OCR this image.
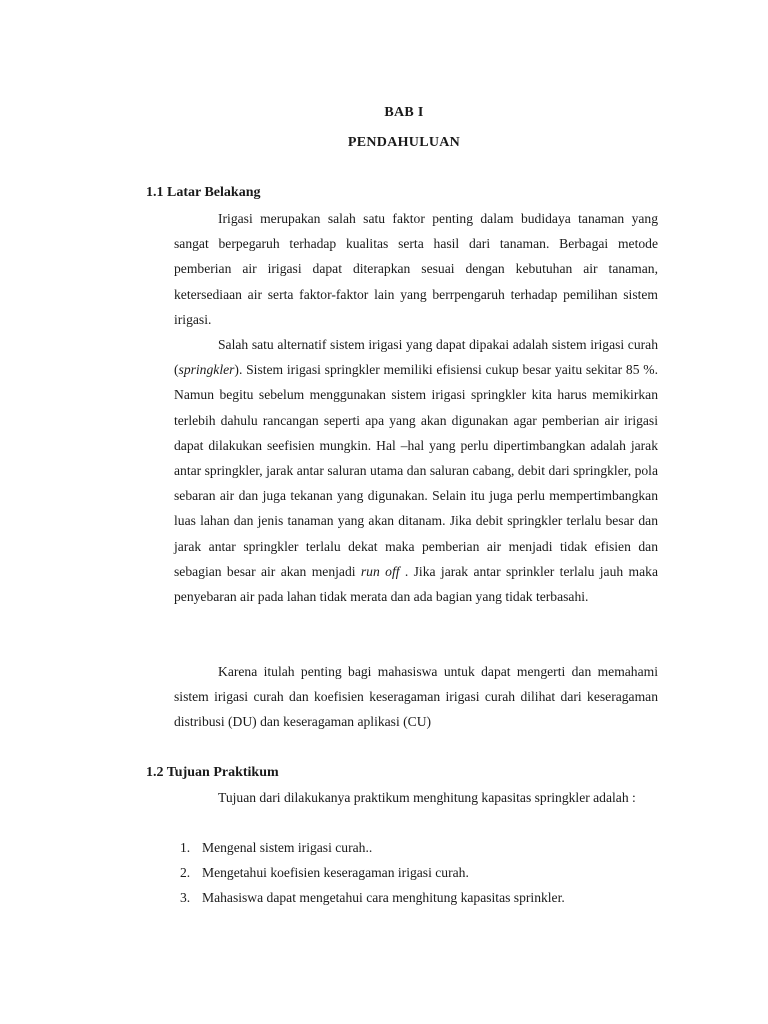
BAB I
PENDAHULUAN
1.1 Latar Belakang

Irigasi merupakan salah satu faktor penting dalam budidaya tanaman yang sangat berpegaruh terhadap kualitas serta hasil dari tanaman. Berbagai metode pemberian air irigasi dapat diterapkan sesuai dengan kebutuhan air tanaman, ketersediaan air serta faktor-faktor lain yang berrpengaruh terhadap pemilihan sistem irigasi.

Salah satu alternatif sistem irigasi yang dapat dipakai adalah sistem irigasi curah (springkler). Sistem irigasi springkler memiliki efisiensi cukup besar yaitu sekitar 85 %. Namun begitu sebelum menggunakan sistem irigasi springkler kita harus memikirkan terlebih dahulu rancangan seperti apa yang akan digunakan agar pemberian air irigasi dapat dilakukan seefisien mungkin. Hal –hal yang perlu dipertimbangkan adalah jarak antar springkler, jarak antar saluran utama dan saluran cabang, debit dari springkler, pola sebaran air dan juga tekanan yang digunakan. Selain itu juga perlu mempertimbangkan luas lahan dan jenis tanaman yang akan ditanam. Jika debit springkler terlalu besar dan jarak antar springkler terlalu dekat maka pemberian air menjadi tidak efisien dan sebagian besar air akan menjadi run off . Jika jarak antar sprinkler terlalu jauh maka penyebaran air pada lahan tidak merata dan ada bagian yang tidak terbasahi.

Karena itulah penting bagi mahasiswa untuk dapat mengerti dan memahami sistem irigasi curah dan koefisien keseragaman irigasi curah dilihat dari keseragaman distribusi (DU) dan keseragaman aplikasi (CU)

1.2 Tujuan Praktikum

Tujuan dari dilakukanya praktikum menghitung kapasitas springkler adalah :

1. Mengenal sistem irigasi curah..
2. Mengetahui koefisien keseragaman irigasi curah.
3. Mahasiswa dapat mengetahui cara menghitung kapasitas sprinkler.
